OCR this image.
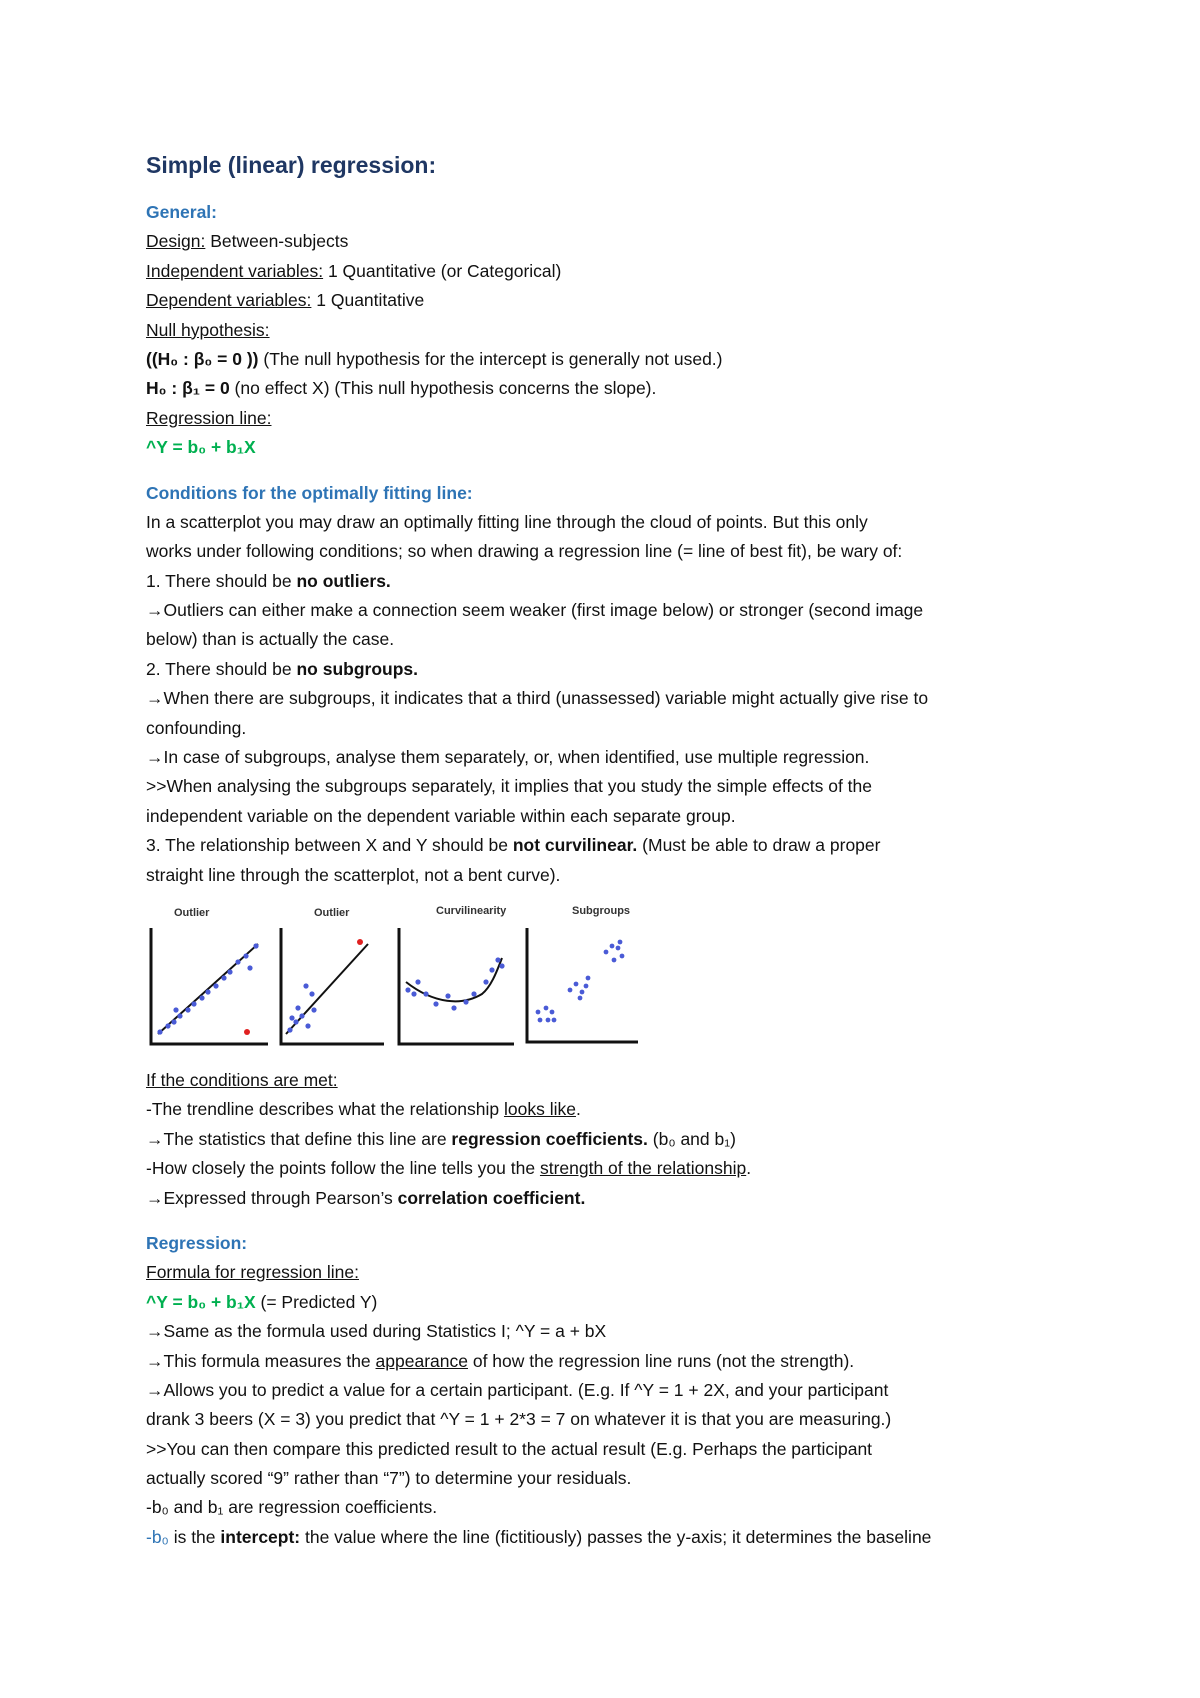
Simple (linear) regression:
General:
Design: Between-subjects
Independent variables: 1 Quantitative (or Categorical)
Dependent variables: 1 Quantitative
Null hypothesis:
((H₀ : β₀ = 0 )) (The null hypothesis for the intercept is generally not used.)
H₀ : β₁ = 0 (no effect X) (This null hypothesis concerns the slope).
Regression line:
^Y = b₀ + b₁X
Conditions for the optimally fitting line:
In a scatterplot you may draw an optimally fitting line through the cloud of points. But this only
works under following conditions; so when drawing a regression line (= line of best fit), be wary of:
1. There should be no outliers.
→Outliers can either make a connection seem weaker (first image below) or stronger (second image
below) than is actually the case.
2. There should be no subgroups.
→When there are subgroups, it indicates that a third (unassessed) variable might actually give rise to
confounding.
→In case of subgroups, analyse them separately, or, when identified, use multiple regression.
>>When analysing the subgroups separately, it implies that you study the simple effects of the
independent variable on the dependent variable within each separate group.
3. The relationship between X and Y should be not curvilinear. (Must be able to draw a proper
straight line through the scatterplot, not a bent curve).
Outlier	Outlier	Curvilinearity	Subgroups
If the conditions are met:
-The trendline describes what the relationship looks like.
→The statistics that define this line are regression coefficients. (b₀ and b₁)
-How closely the points follow the line tells you the strength of the relationship.
→Expressed through Pearson’s correlation coefficient.
Regression:
Formula for regression line:
^Y = b₀ + b₁X (= Predicted Y)
→Same as the formula used during Statistics I; ^Y = a + bX
→This formula measures the appearance of how the regression line runs (not the strength).
→Allows you to predict a value for a certain participant. (E.g. If ^Y = 1 + 2X, and your participant
drank 3 beers (X = 3) you predict that ^Y = 1 + 2*3 = 7 on whatever it is that you are measuring.)
>>You can then compare this predicted result to the actual result (E.g. Perhaps the participant
actually scored “9” rather than “7”) to determine your residuals.
-b₀ and b₁ are regression coefficients.
-b₀ is the intercept: the value where the line (fictitiously) passes the y-axis; it determines the baseline
